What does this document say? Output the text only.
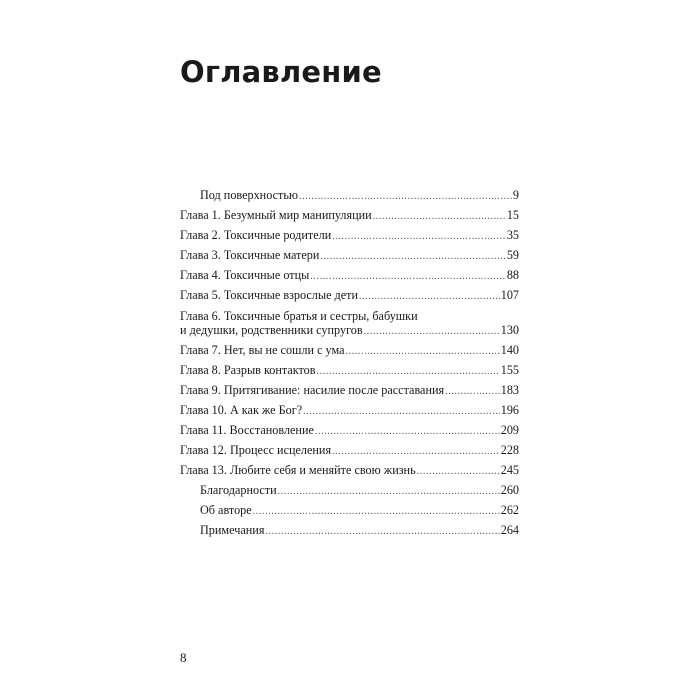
Оглавление
Под поверхностью .....	9
Глава 1. Безумный мир манипуляции .....	15
Глава 2. Токсичные родители .....	35
Глава 3. Токсичные матери .....	59
Глава 4. Токсичные отцы .....	88
Глава 5. Токсичные взрослые дети .....	107
Глава 6. Токсичные братья и сестры, бабушки
и дедушки, родственники супругов .....	130
Глава 7. Нет, вы не сошли с ума .....	140
Глава 8. Разрыв контактов .....	155
Глава 9. Притягивание: насилие после расставания .....	183
Глава 10. А как же Бог? .....	196
Глава 11. Восстановление .....	209
Глава 12. Процесс исцеления .....	228
Глава 13. Любите себя и меняйте свою жизнь .....	245
Благодарности .....	260
Об авторе .....	262
Примечания .....	264
8
